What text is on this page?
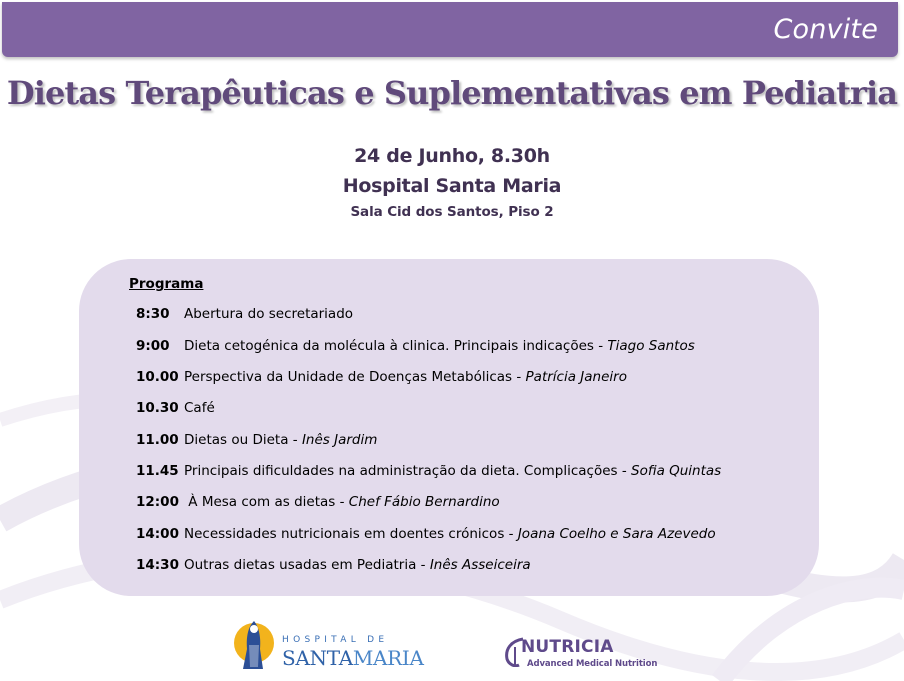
Convite
Dietas Terapêuticas e Suplementativas em Pediatria
24 de Junho, 8.30h
Hospital Santa Maria
Sala Cid dos Santos, Piso 2
Programa
8:30 Abertura do secretariado
9:00 Dieta cetogénica da molécula à clinica. Principais indicações - Tiago Santos
10.00 Perspectiva da Unidade de Doenças Metabólicas - Patrícia Janeiro
10.30 Café
11.00 Dietas ou Dieta - Inês Jardim
11.45 Principais dificuldades na administração da dieta. Complicações - Sofia Quintas
12:00 À Mesa com as dietas - Chef Fábio Bernardino
14:00 Necessidades nutricionais em doentes crónicos - Joana Coelho e Sara Azevedo
14:30 Outras dietas usadas em Pediatria - Inês Asseiceira
HOSPITAL DE
SANTAMARIA	NUTRICIA
Advanced Medical Nutrition
